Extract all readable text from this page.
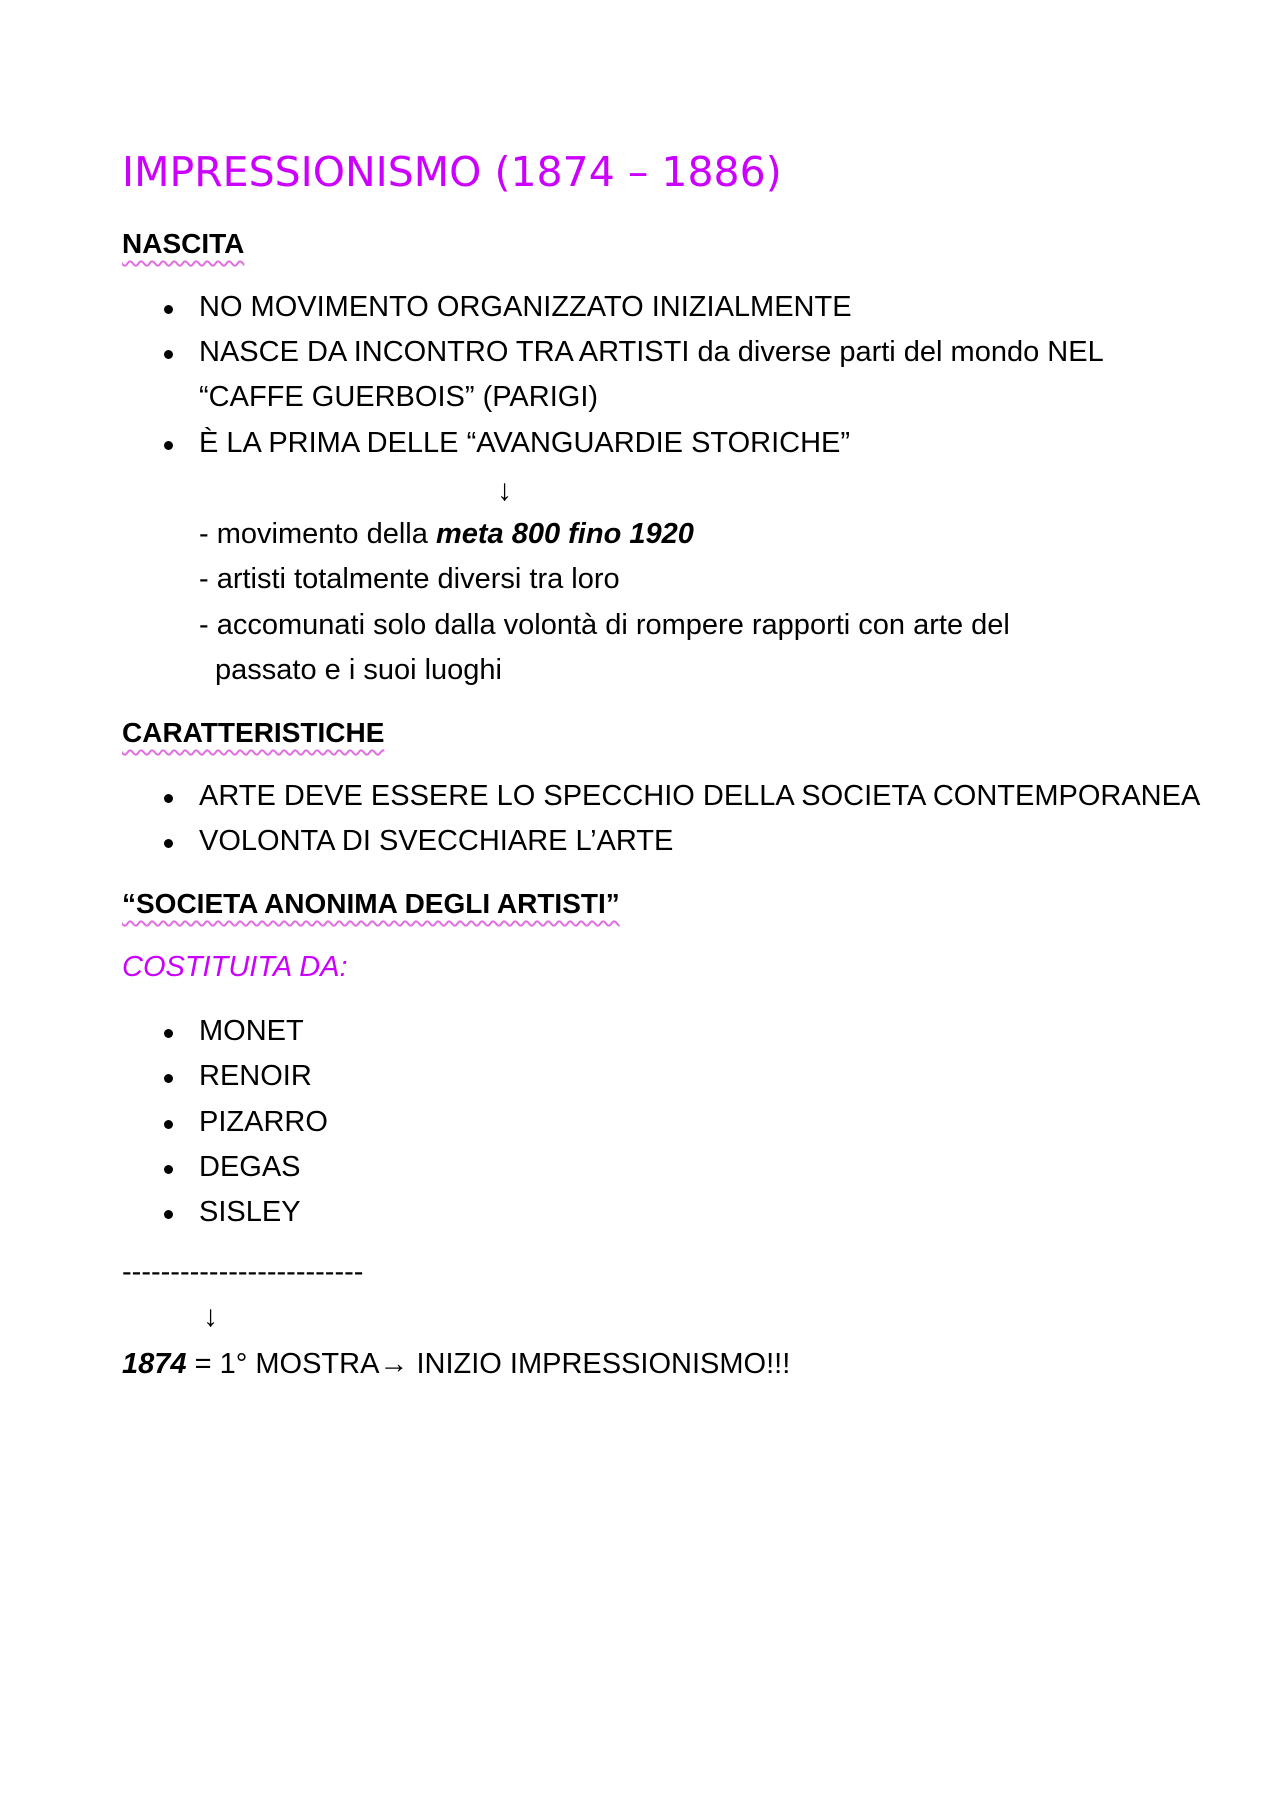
IMPRESSIONISMO (1874 – 1886)
NASCITA
NO MOVIMENTO ORGANIZZATO INIZIALMENTE
NASCE DA INCONTRO TRA ARTISTI da diverse parti del mondo NEL
“CAFFE GUERBOIS” (PARIGI)
È LA PRIMA DELLE “AVANGUARDIE STORICHE”
↓
- movimento della meta 800 fino 1920
- artisti totalmente diversi tra loro
- accomunati solo dalla volontà di rompere rapporti con arte del
passato e i suoi luoghi
CARATTERISTICHE
ARTE DEVE ESSERE LO SPECCHIO DELLA SOCIETA CONTEMPORANEA
VOLONTA DI SVECCHIARE L’ARTE
“SOCIETA ANONIMA DEGLI ARTISTI”
COSTITUITA DA:
MONET
RENOIR
PIZARRO
DEGAS
SISLEY
-------------------------
↓
1874 = 1° MOSTRA→ INIZIO IMPRESSIONISMO!!!
